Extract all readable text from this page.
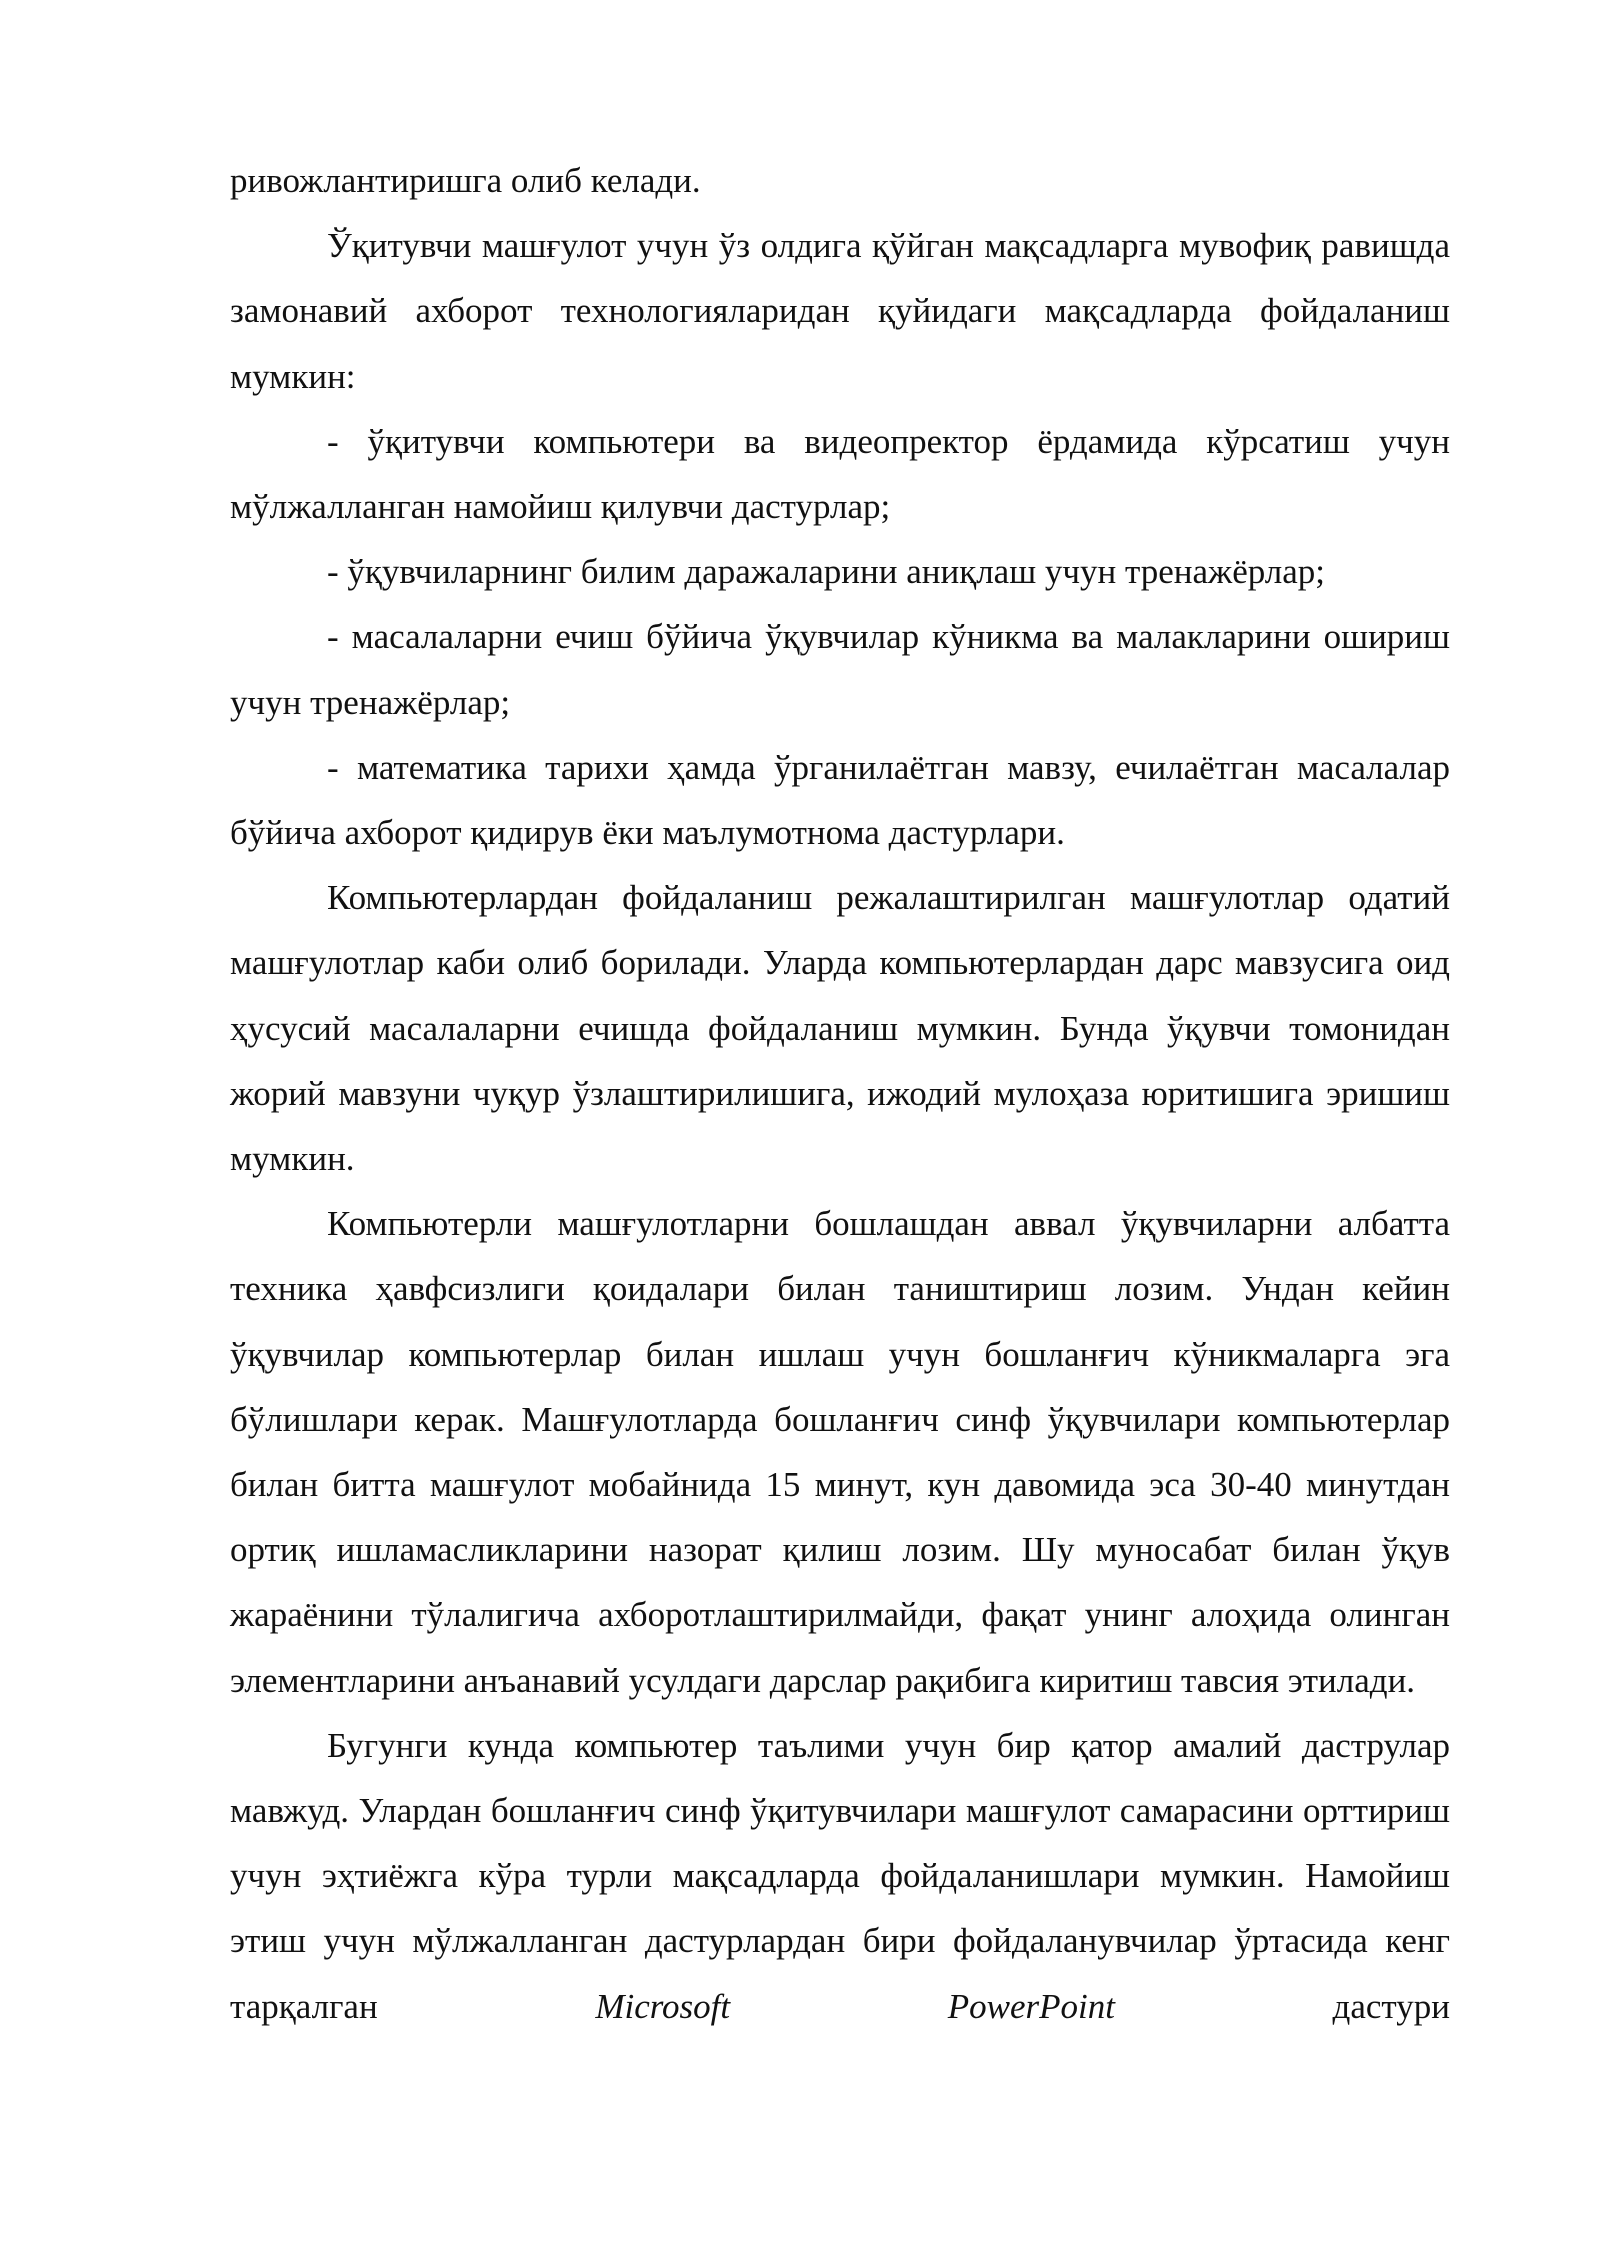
ривожлантиришга олиб келади.

Ўқитувчи машғулот учун ўз олдига қўйган мақсадларга мувофиқ равишда замонавий ахборот технологияларидан қуйидаги мақсадларда фойдаланиш мумкин:

- ўқитувчи компьютери ва видеопректор ёрдамида кўрсатиш учун мўлжалланган намойиш қилувчи дастурлар;

- ўқувчиларнинг билим даражаларини аниқлаш учун тренажёрлар;

- масалаларни ечиш бўйича ўқувчилар кўникма ва малакларини ошириш учун тренажёрлар;

- математика тарихи ҳамда ўрганилаётган мавзу, ечилаётган масалалар бўйича ахборот қидирув ёки маълумотнома дастурлари.

Компьютерлардан фойдаланиш режалаштирилган машғулотлар одатий машғулотлар каби олиб борилади. Уларда компьютерлардан дарс мавзусига оид ҳусусий масалаларни ечишда фойдаланиш мумкин. Бунда ўқувчи томонидан жорий мавзуни чуқур ўзлаштирилишига, ижодий мулоҳаза юритишига эришиш мумкин.

Компьютерли машғулотларни бошлашдан аввал ўқувчиларни албатта техника ҳавфсизлиги қоидалари билан таништириш лозим. Ундан кейин ўқувчилар компьютерлар билан ишлаш учун бошланғич кўникмаларга эга бўлишлари керак. Машғулотларда бошланғич синф ўқувчилари компьютерлар билан битта машғулот мобайнида 15 минут, кун давомида эса 30-40 минутдан ортиқ ишламасликларини назорат қилиш лозим. Шу муносабат билан ўқув жараёнини тўлалигича ахборотлаштирилмайди, фақат унинг алоҳида олинган элементларини анъанавий усулдаги дарслар рақибига киритиш тавсия этилади.

Бугунги кунда компьютер таълими учун бир қатор амалий даструлар мавжуд. Улардан бошланғич синф ўқитувчилари машғулот самарасини орттириш учун эҳтиёжга кўра турли мақсадларда фойдаланишлари мумкин. Намойиш этиш учун мўлжалланган дастурлардан бири фойдаланувчилар ўртасида кенг тарқалган	Microsoft PowerPoint	дастури
